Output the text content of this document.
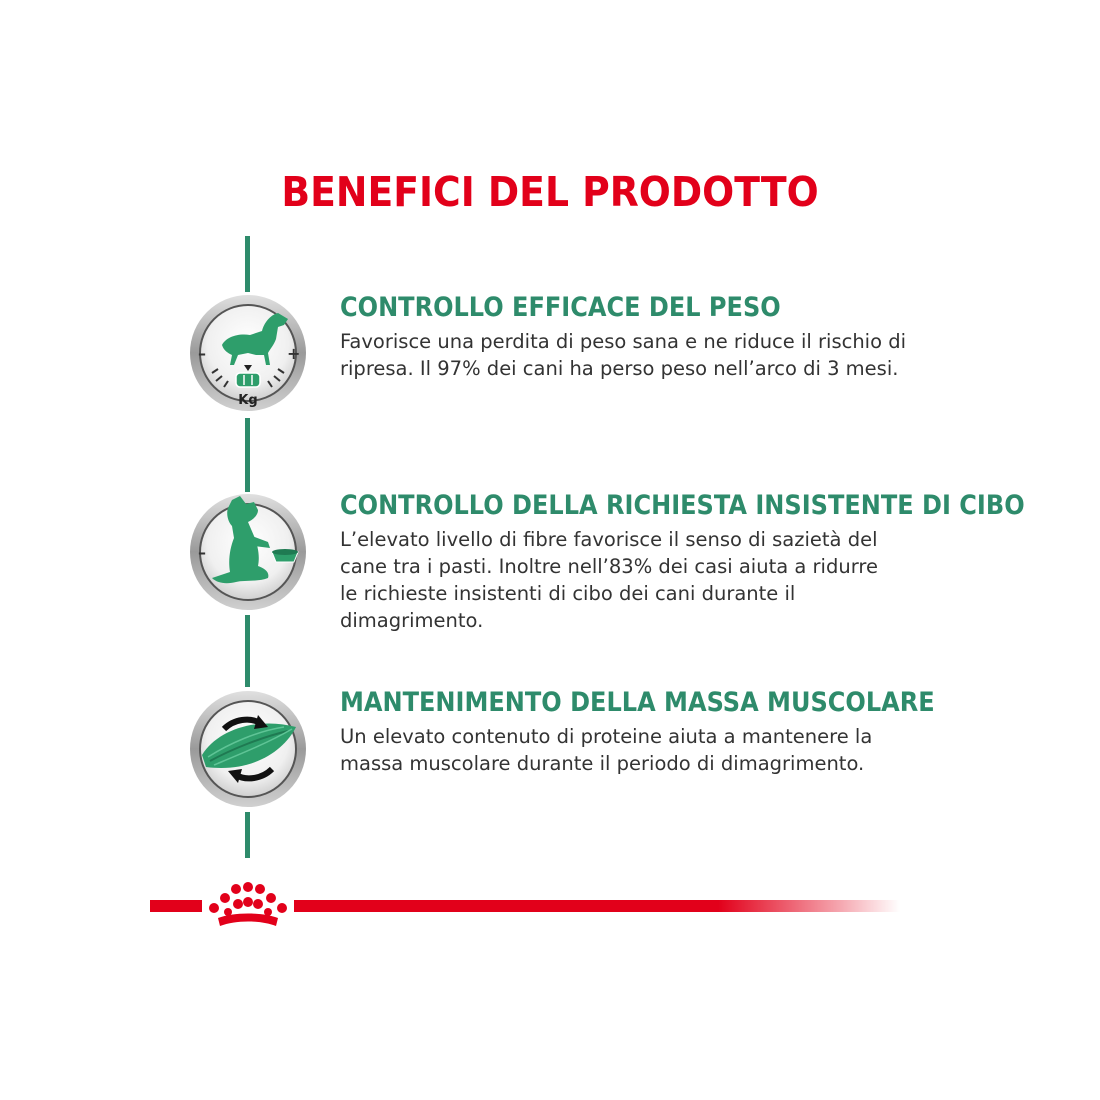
BENEFICI DEL PRODOTTO
–	+
Kg
CONTROLLO EFFICACE DEL PESO

Favorisce una perdita di peso sana e ne riduce il rischio di ripresa. Il 97% dei cani ha perso peso nell’arco di 3 mesi.

–
CONTROLLO DELLA RICHIESTA INSISTENTE DI CIBO

L’elevato livello di fibre favorisce il senso di sazietà del cane tra i pasti. Inoltre nell’83% dei casi aiuta a ridurre le richieste insistenti di cibo dei cani durante il dimagrimento.

MANTENIMENTO DELLA MASSA MUSCOLARE

Un elevato contenuto di proteine aiuta a mantenere la massa muscolare durante il periodo di dimagrimento.
